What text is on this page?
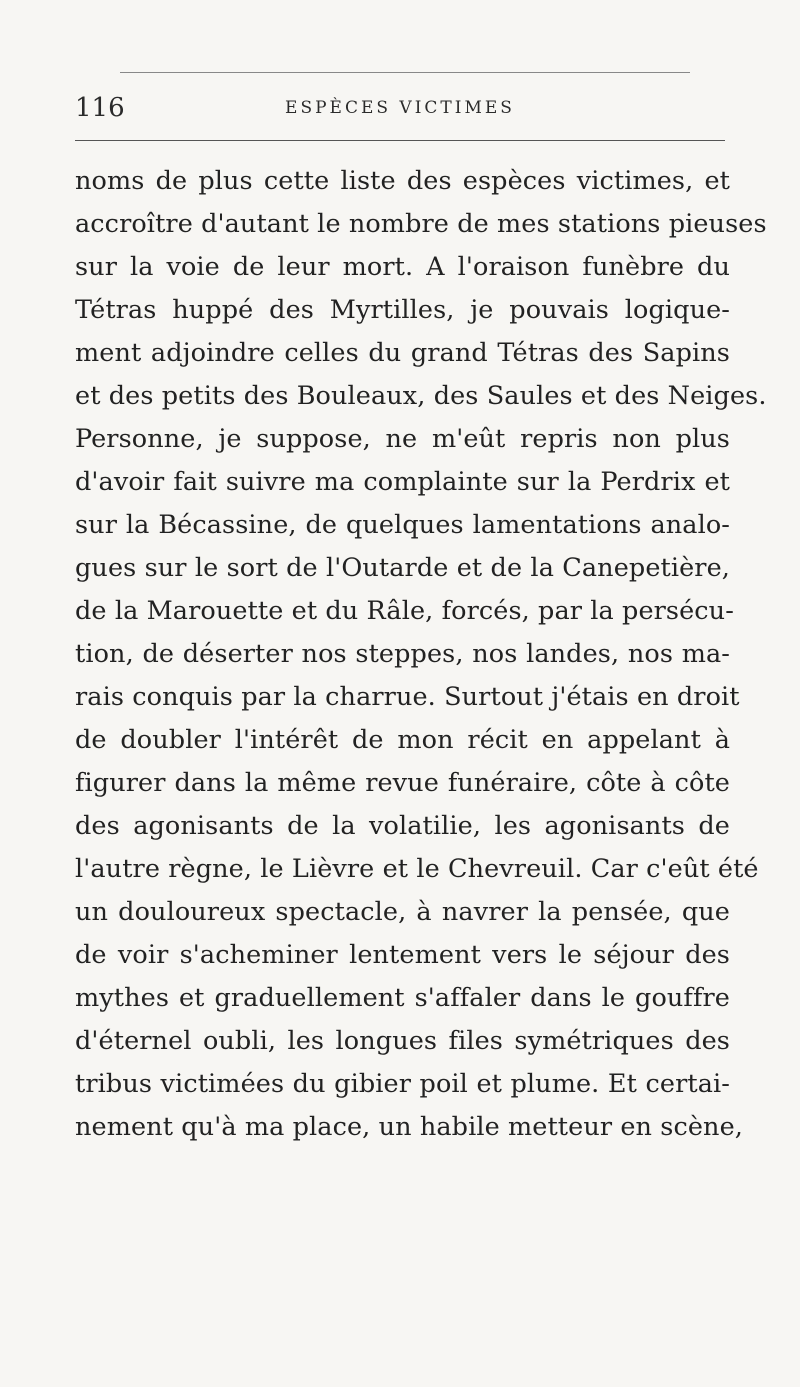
116	ESPÈCES VICTIMES
noms de plus cette liste des espèces victimes, et
accroître d'autant le nombre de mes stations pieuses
sur la voie de leur mort. A l'oraison funèbre du
Tétras huppé des Myrtilles, je pouvais logique-
ment adjoindre celles du grand Tétras des Sapins
et des petits des Bouleaux, des Saules et des Neiges.
Personne, je suppose, ne m'eût repris non plus
d'avoir fait suivre ma complainte sur la Perdrix et
sur la Bécassine, de quelques lamentations analo-
gues sur le sort de l'Outarde et de la Canepetière,
de la Marouette et du Râle, forcés, par la persécu-
tion, de déserter nos steppes, nos landes, nos ma-
rais conquis par la charrue. Surtout j'étais en droit
de doubler l'intérêt de mon récit en appelant à
figurer dans la même revue funéraire, côte à côte
des agonisants de la volatilie, les agonisants de
l'autre règne, le Lièvre et le Chevreuil. Car c'eût été
un douloureux spectacle, à navrer la pensée, que
de voir s'acheminer lentement vers le séjour des
mythes et graduellement s'affaler dans le gouffre
d'éternel oubli, les longues files symétriques des
tribus victimées du gibier poil et plume. Et certai-
nement qu'à ma place, un habile metteur en scène,
